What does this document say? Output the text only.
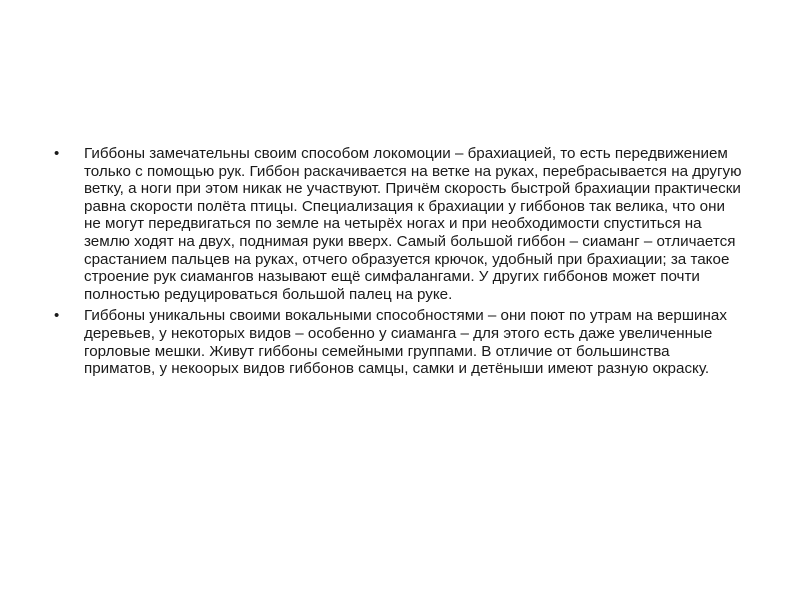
•	Гиббоны замечательны своим способом локомоции – брахиацией, то есть передвижением только с помощью рук. Гиббон раскачивается на ветке на руках, перебрасывается на другую ветку, а ноги при этом никак не участвуют. Причём скорость быстрой брахиации практически равна скорости полёта птицы. Специализация к брахиации у гиббонов так велика, что они не могут передвигаться по земле на четырёх ногах и при необходимости спуститься на землю ходят на двух, поднимая руки вверх. Самый большой гиббон – сиаманг – отличается срастанием пальцев на руках, отчего образуется крючок, удобный при брахиации; за такое строение рук сиамангов называют ещё симфалангами. У других гиббонов может почти полностью редуцироваться большой палец на руке.
•	Гиббоны уникальны своими вокальными способностями – они поют по утрам на вершинах деревьев, у некоторых видов – особенно у сиаманга – для этого есть даже увеличенные горловые мешки. Живут гиббоны семейными группами. В отличие от большинства приматов, у некоорых видов гиббонов самцы, самки и детёныши имеют разную окраску.
